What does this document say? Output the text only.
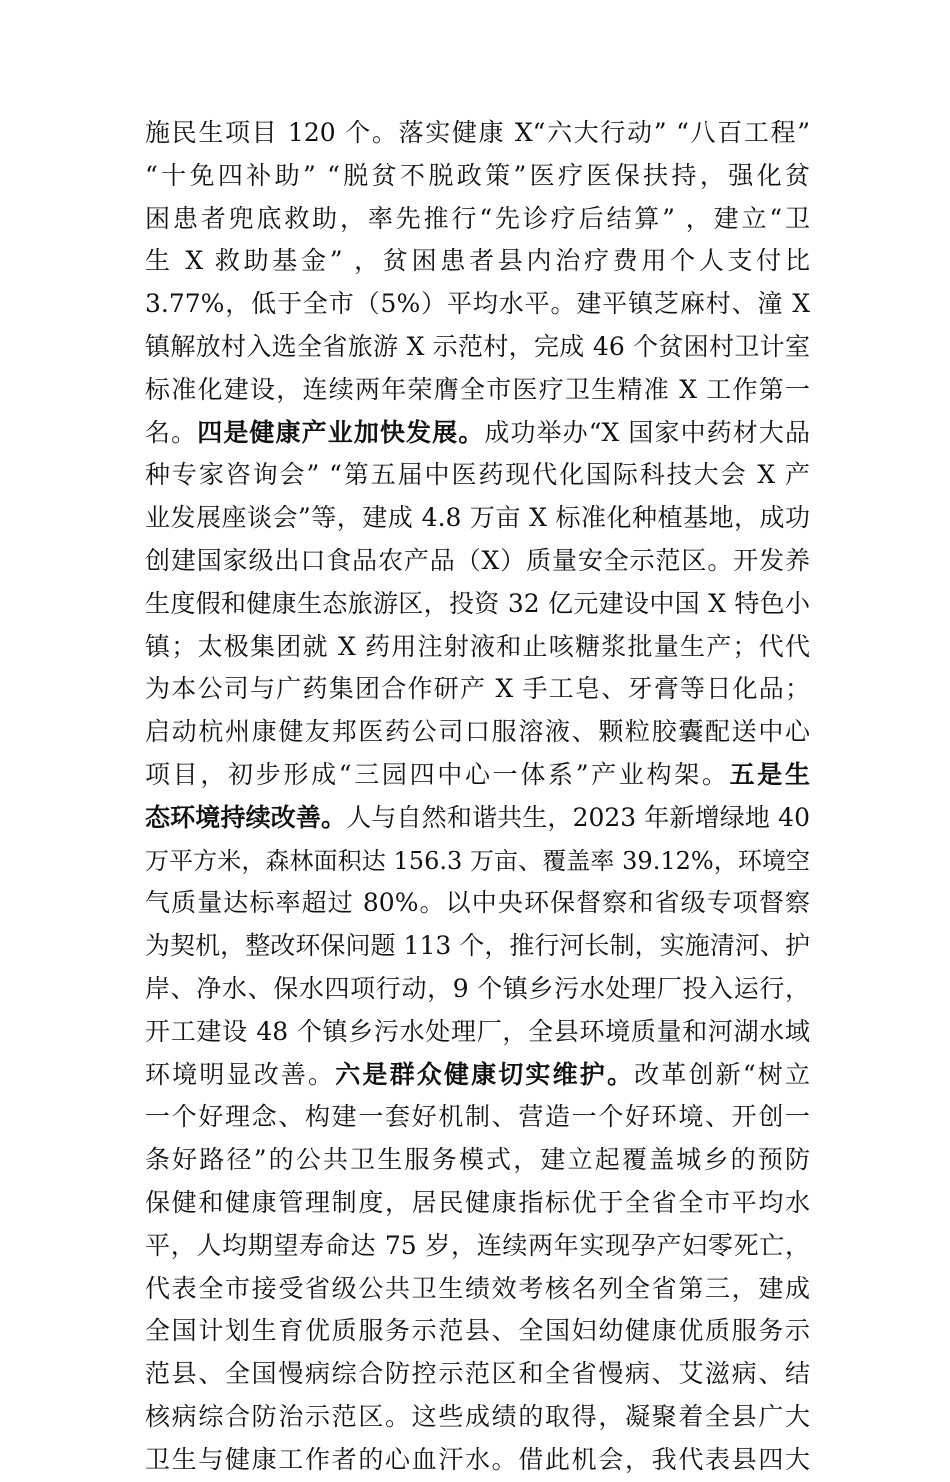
施民生项目 120 个。落实健康 X“六大行动” “八百工程”
“十免四补助” “脱贫不脱政策”医疗医保扶持，强化贫
困患者兜底救助，率先推行“先诊疗后结算” ，建立“卫
生 X 救助基金” ，贫困患者县内治疗费用个人支付比
3.77%，低于全市（5%）平均水平。建平镇芝麻村、潼 X
镇解放村入选全省旅游 X 示范村，完成 46 个贫困村卫计室
标准化建设，连续两年荣膺全市医疗卫生精准 X 工作第一
名。四是健康产业加快发展。成功举办“X 国家中药材大品
种专家咨询会” “第五届中医药现代化国际科技大会 X 产
业发展座谈会”等，建成 4.8 万亩 X 标准化种植基地，成功
创建国家级出口食品农产品（X）质量安全示范区。开发养
生度假和健康生态旅游区，投资 32 亿元建设中国 X 特色小
镇；太极集团就 X 药用注射液和止咳糖浆批量生产；代代
为本公司与广药集团合作研产 X 手工皂、牙膏等日化品；
启动杭州康健友邦医药公司口服溶液、颗粒胶囊配送中心
项目，初步形成“三园四中心一体系”产业构架。五是生
态环境持续改善。人与自然和谐共生，2023 年新增绿地 40
万平方米，森林面积达 156.3 万亩、覆盖率 39.12%，环境空
气质量达标率超过 80%。以中央环保督察和省级专项督察
为契机，整改环保问题 113 个，推行河长制，实施清河、护
岸、净水、保水四项行动，9 个镇乡污水处理厂投入运行，
开工建设 48 个镇乡污水处理厂，全县环境质量和河湖水域
环境明显改善。六是群众健康切实维护。改革创新“树立
一个好理念、构建一套好机制、营造一个好环境、开创一
条好路径”的公共卫生服务模式，建立起覆盖城乡的预防
保健和健康管理制度，居民健康指标优于全省全市平均水
平，人均期望寿命达 75 岁，连续两年实现孕产妇零死亡，
代表全市接受省级公共卫生绩效考核名列全省第三，建成
全国计划生育优质服务示范县、全国妇幼健康优质服务示
范县、全国慢病综合防控示范区和全省慢病、艾滋病、结
核病综合防治示范区。这些成绩的取得，凝聚着全县广大
卫生与健康工作者的心血汗水。借此机会，我代表县四大
